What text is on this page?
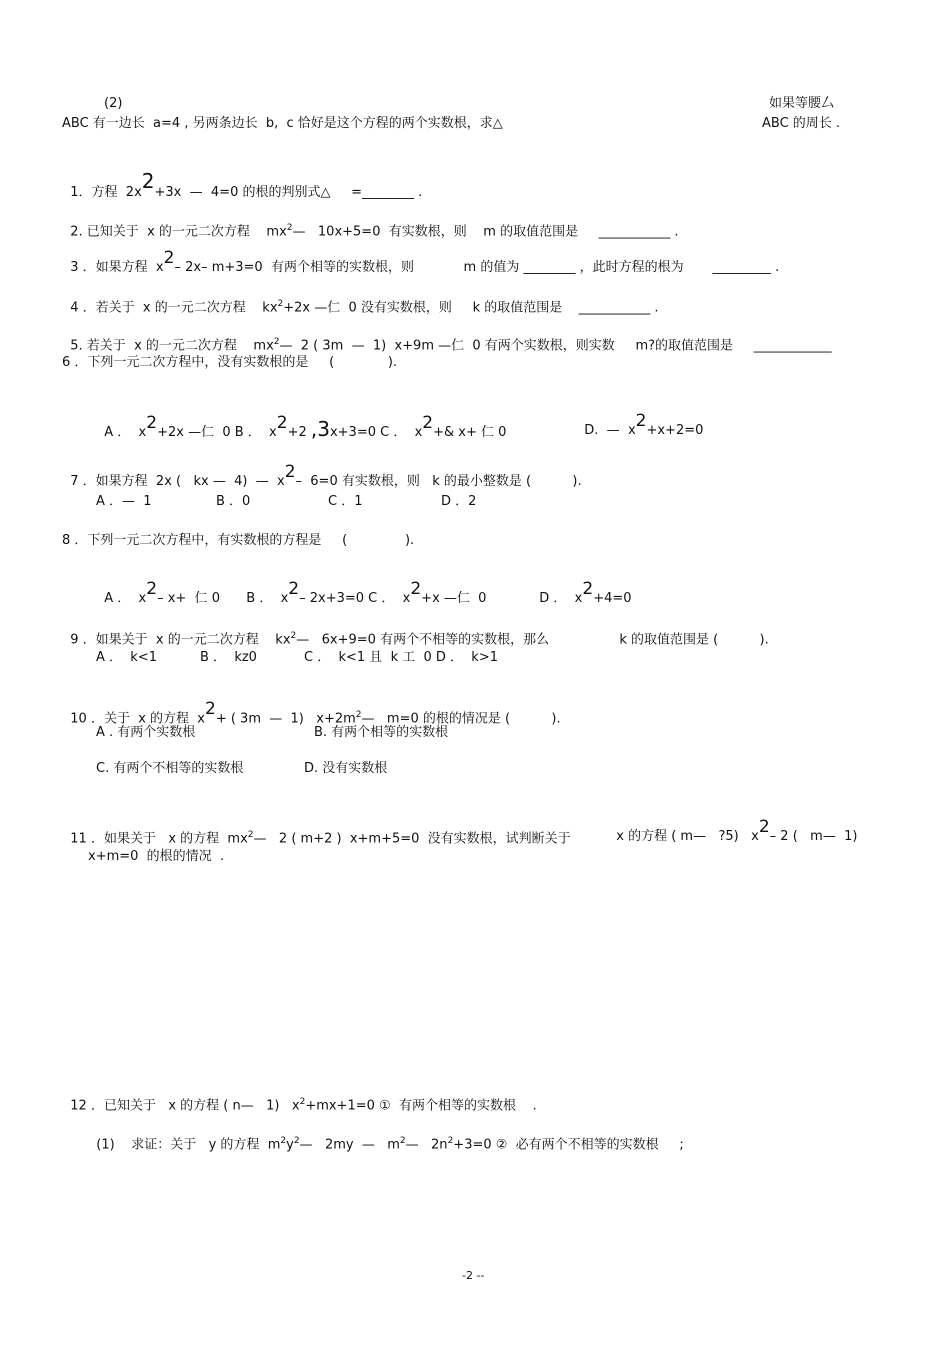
(2)	如果等腰厶
ABC 有一边长  a=4 , 另两条边长  b,  c 恰好是这个方程的两个实数根，求△	ABC 的周长 .

1．方程  2x2+3x  —  4=0 的根的判别式△     =________ .

2. 已知关于  x 的一元二次方程    $mx^2—$   10x+5=0  有实数根，则    m 的取值范围是     ___________ .

3 ．如果方程  x2– 2x– m+3=0  有两个相等的实数根，则            m 的值为 ________ ，此时方程的根为       _________ .

4 ．若关于  x 的一元二次方程    $kx^2+2x$ —仁  0 没有实数根，则     k 的取值范围是    ___________ .

5. 若关于  x 的一元二次方程    $mx^2—$  2 ( 3m  —  1)  x+9m —仁  0 有两个实数根，则实数     m?的取值范围是     ____________

6 ．下列一元二次方程中，没有实数根的是     (             ).

A ．  x2+2x —仁  0 B ．  x2+2 ,3x+3=0 C ．  x2+& x+ 仁 0	D.  —  x2+x+2=0

7 ．如果方程  2x (   kx —  4)  —  x2–  6=0 有实数根，则   k 的最小整数是 (          ).

A ．—  1	B ．0	C ．1	D ．2
8 ．下列一元二次方程中，有实数根的方程是     (              ).

A ．  x2– x+  仁 0	B ．  x2– 2x+3=0 C ．  x2+x —仁  0	D ．  x2+4=0

9 ．如果关于  x 的一元二次方程    $kx^2—$   6x+9=0 有两个不相等的实数根，那么                 k 的取值范围是 (          ).

A ．  k<1	B ．  kz0	C ．  k<1 且  k 工  0 D ．  k>1

10 ．关于  x 的方程  x2+ ( 3m  —  1)   $x+2m^2—$   m=0 的根的情况是 (          ).

A . 有两个实数根	B. 有两个相等的实数根
C. 有两个不相等的实数根	D. 没有实数根

11 ．如果关于   x 的方程  $mx^2—$   2 ( m+2 )  x+m+5=0  没有实数根，试判断关于	x 的方程 ( m—   ?5)   x2– 2 (   m—  1)

x+m=0  的根的情况  .

12 ．已知关于   x 的方程 ( n—   1)   $x^2+mx+1=0$ ①  有两个相等的实数根    .

(1)    求证：关于   y 的方程  $m^2y^2—$   2my  —   $m^2—$   $2n^2+3=0$ ②  必有两个不相等的实数根     ;

-2 --
